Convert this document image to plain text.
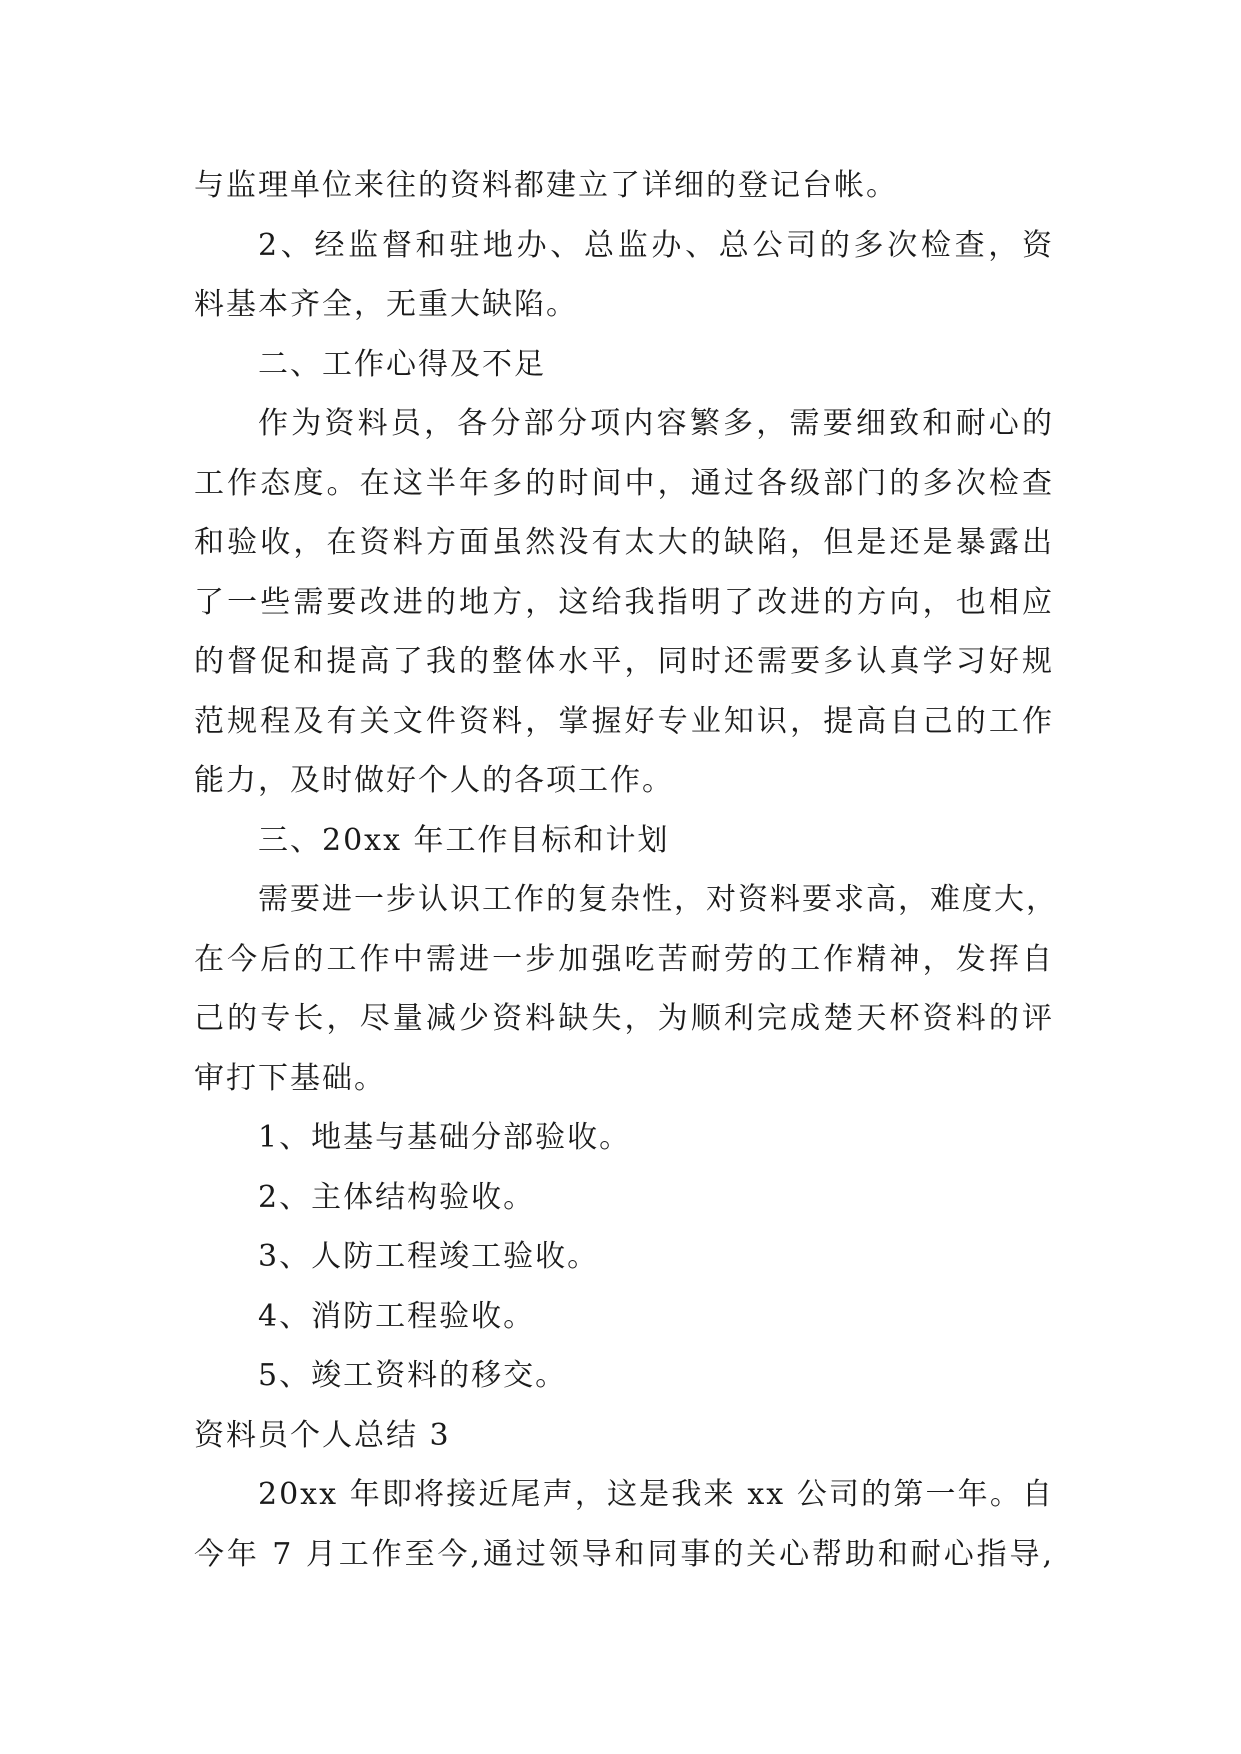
与监理单位来往的资料都建立了详细的登记台帐。
2、经监督和驻地办、总监办、总公司的多次检查，资
料基本齐全，无重大缺陷。
二、工作心得及不足
作为资料员，各分部分项内容繁多，需要细致和耐心的
工作态度。在这半年多的时间中，通过各级部门的多次检查
和验收，在资料方面虽然没有太大的缺陷，但是还是暴露出
了一些需要改进的地方，这给我指明了改进的方向，也相应
的督促和提高了我的整体水平，同时还需要多认真学习好规
范规程及有关文件资料，掌握好专业知识，提高自己的工作
能力，及时做好个人的各项工作。
三、20xx 年工作目标和计划
需要进一步认识工作的复杂性，对资料要求高，难度大，
在今后的工作中需进一步加强吃苦耐劳的工作精神，发挥自
己的专长，尽量减少资料缺失，为顺利完成楚天杯资料的评
审打下基础。
1、地基与基础分部验收。
2、主体结构验收。
3、人防工程竣工验收。
4、消防工程验收。
5、竣工资料的移交。
资料员个人总结 3
20xx 年即将接近尾声，这是我来 xx 公司的第一年。自
今年 7 月工作至今,通过领导和同事的关心帮助和耐心指导,
